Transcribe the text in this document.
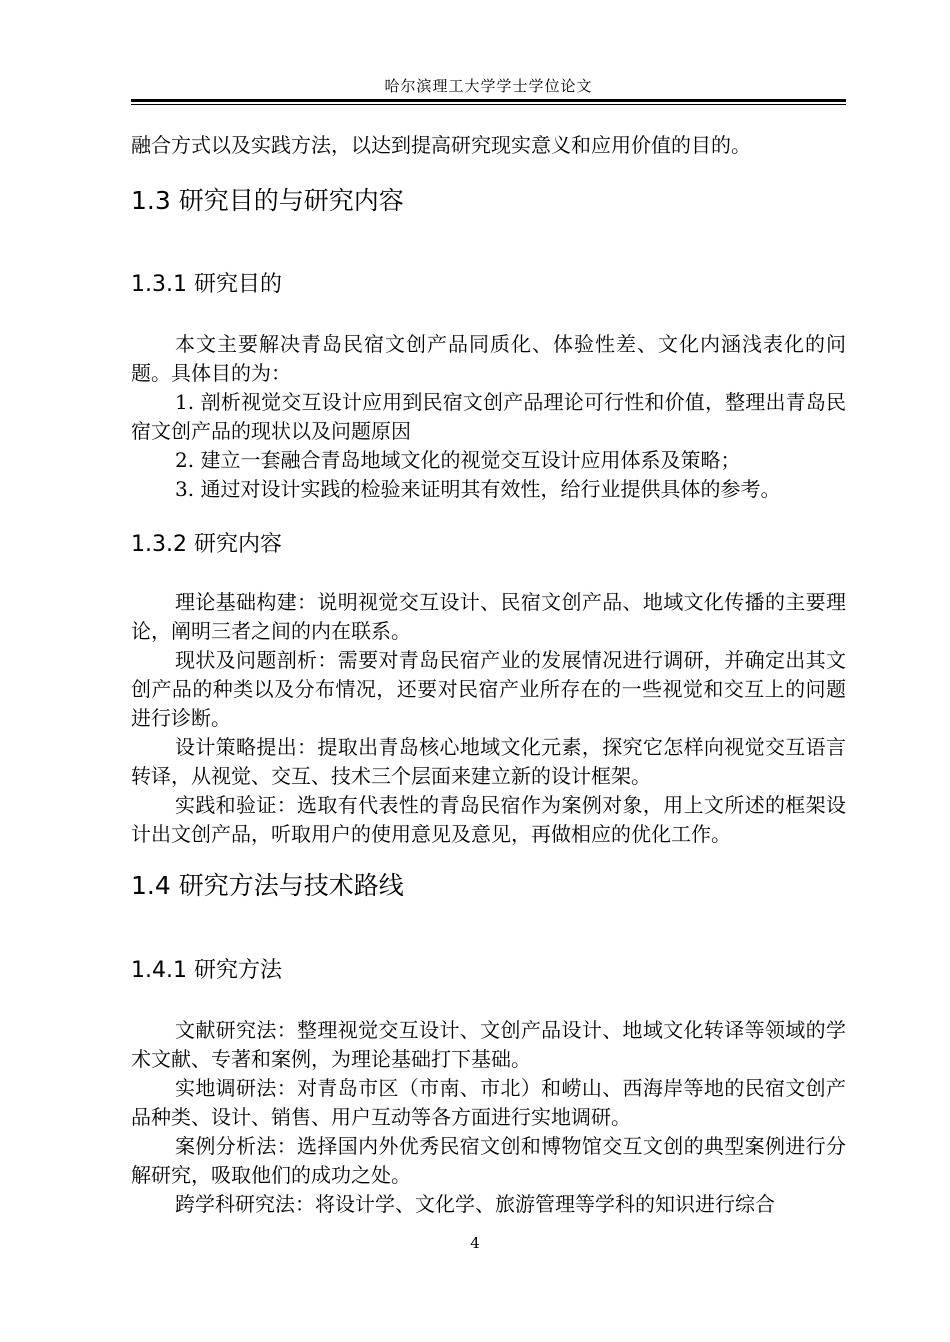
哈尔滨理工大学学士学位论文

融合方式以及实践方法，以达到提高研究现实意义和应用价值的目的。

1.3 研究目的与研究内容
1.3.1 研究目的

本文主要解决青岛民宿文创产品同质化、体验性差、文化内涵浅表化的问题。具体目的为：

1. 剖析视觉交互设计应用到民宿文创产品理论可行性和价值，整理出青岛民宿文创产品的现状以及问题原因

2. 建立一套融合青岛地域文化的视觉交互设计应用体系及策略；

3. 通过对设计实践的检验来证明其有效性，给行业提供具体的参考。

1.3.2 研究内容

理论基础构建：说明视觉交互设计、民宿文创产品、地域文化传播的主要理论，阐明三者之间的内在联系。

现状及问题剖析：需要对青岛民宿产业的发展情况进行调研，并确定出其文创产品的种类以及分布情况，还要对民宿产业所存在的一些视觉和交互上的问题进行诊断。

设计策略提出：提取出青岛核心地域文化元素，探究它怎样向视觉交互语言转译，从视觉、交互、技术三个层面来建立新的设计框架。

实践和验证：选取有代表性的青岛民宿作为案例对象，用上文所述的框架设计出文创产品，听取用户的使用意见及意见，再做相应的优化工作。

1.4 研究方法与技术路线
1.4.1 研究方法

文献研究法：整理视觉交互设计、文创产品设计、地域文化转译等领域的学术文献、专著和案例，为理论基础打下基础。

实地调研法：对青岛市区（市南、市北）和崂山、西海岸等地的民宿文创产品种类、设计、销售、用户互动等各方面进行实地调研。

案例分析法：选择国内外优秀民宿文创和博物馆交互文创的典型案例进行分解研究，吸取他们的成功之处。

跨学科研究法：将设计学、文化学、旅游管理等学科的知识进行综合

4
